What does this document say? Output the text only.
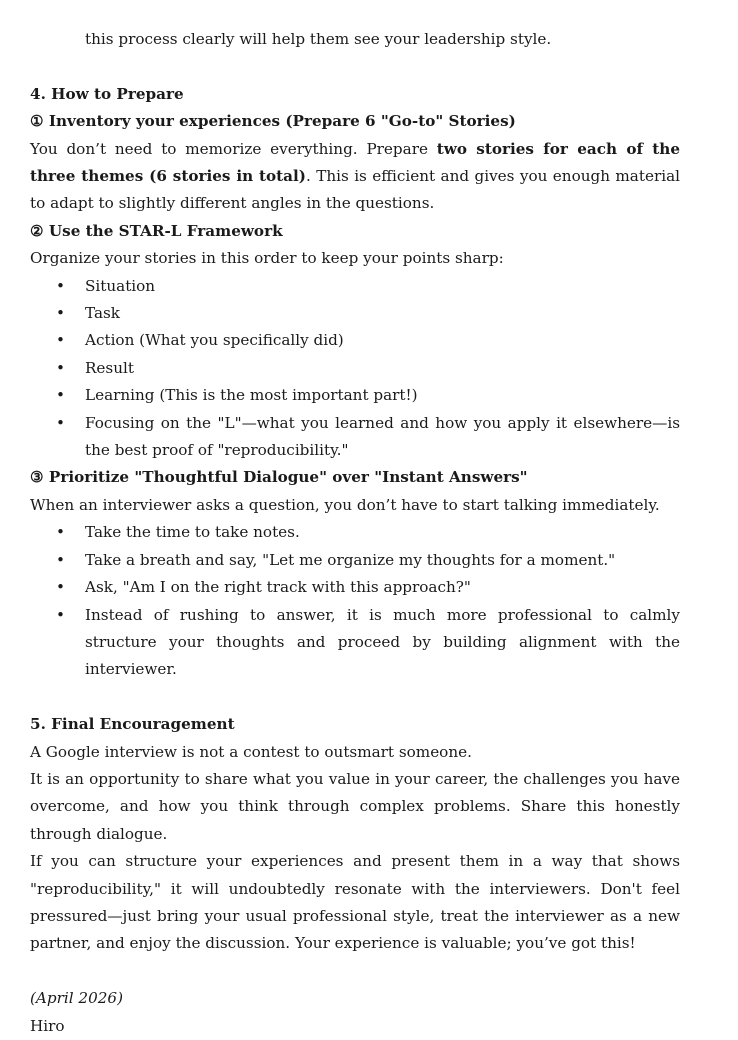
this process clearly will help them see your leadership style.

4. How to Prepare

① Inventory your experiences (Prepare 6 "Go-to" Stories)

You don’t need to memorize everything. Prepare two stories for each of the three themes (6 stories in total). This is efficient and gives you enough material to adapt to slightly different angles in the questions.

② Use the STAR-L Framework

Organize your stories in this order to keep your points sharp:

• Situation
• Task
• Action (What you specifically did)
• Result
• Learning (This is the most important part!)
• Focusing on the "L"—what you learned and how you apply it elsewhere—is the best proof of "reproducibility."

③ Prioritize "Thoughtful Dialogue" over "Instant Answers"

When an interviewer asks a question, you don’t have to start talking immediately.

• Take the time to take notes.
• Take a breath and say, "Let me organize my thoughts for a moment."
• Ask, "Am I on the right track with this approach?"
• Instead of rushing to answer, it is much more professional to calmly structure your thoughts and proceed by building alignment with the interviewer.

5. Final Encouragement

A Google interview is not a contest to outsmart someone.

It is an opportunity to share what you value in your career, the challenges you have overcome, and how you think through complex problems. Share this honestly through dialogue.

If you can structure your experiences and present them in a way that shows "reproducibility," it will undoubtedly resonate with the interviewers. Don't feel pressured—just bring your usual professional style, treat the interviewer as a new partner, and enjoy the discussion. Your experience is valuable; you’ve got this!

(April 2026)

Hiro
